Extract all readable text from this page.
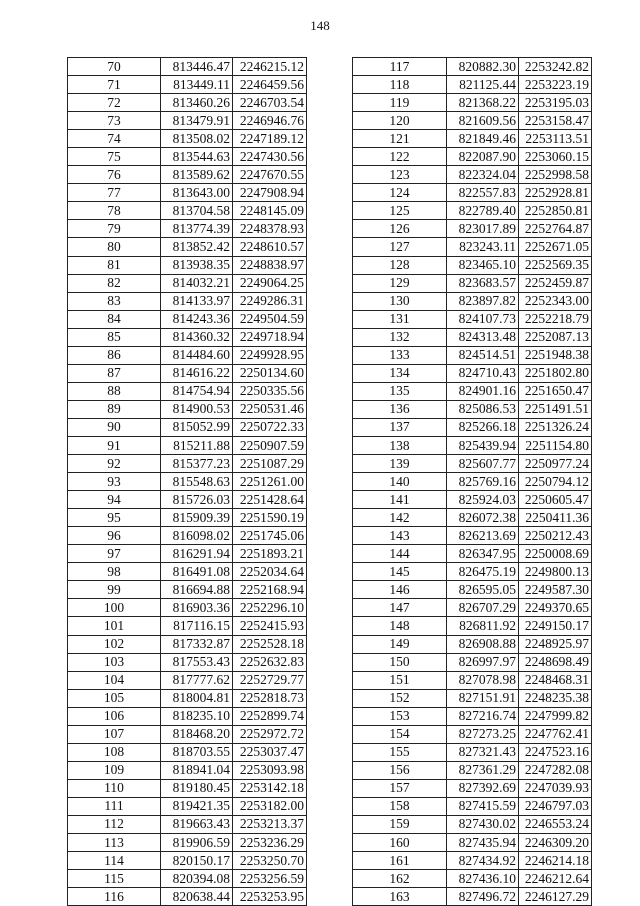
148
70	813446.47	2246215.12
71	813449.11	2246459.56
72	813460.26	2246703.54
73	813479.91	2246946.76
74	813508.02	2247189.12
75	813544.63	2247430.56
76	813589.62	2247670.55
77	813643.00	2247908.94
78	813704.58	2248145.09
79	813774.39	2248378.93
80	813852.42	2248610.57
81	813938.35	2248838.97
82	814032.21	2249064.25
83	814133.97	2249286.31
84	814243.36	2249504.59
85	814360.32	2249718.94
86	814484.60	2249928.95
87	814616.22	2250134.60
88	814754.94	2250335.56
89	814900.53	2250531.46
90	815052.99	2250722.33
91	815211.88	2250907.59
92	815377.23	2251087.29
93	815548.63	2251261.00
94	815726.03	2251428.64
95	815909.39	2251590.19
96	816098.02	2251745.06
97	816291.94	2251893.21
98	816491.08	2252034.64
99	816694.88	2252168.94
100	816903.36	2252296.10
101	817116.15	2252415.93
102	817332.87	2252528.18
103	817553.43	2252632.83
104	817777.62	2252729.77
105	818004.81	2252818.73
106	818235.10	2252899.74
107	818468.20	2252972.72
108	818703.55	2253037.47
109	818941.04	2253093.98
110	819180.45	2253142.18
111	819421.35	2253182.00
112	819663.43	2253213.37
113	819906.59	2253236.29
114	820150.17	2253250.70
115	820394.08	2253256.59
116	820638.44	2253253.95
117	820882.30	2253242.82
118	821125.44	2253223.19
119	821368.22	2253195.03
120	821609.56	2253158.47
121	821849.46	2253113.51
122	822087.90	2253060.15
123	822324.04	2252998.58
124	822557.83	2252928.81
125	822789.40	2252850.81
126	823017.89	2252764.87
127	823243.11	2252671.05
128	823465.10	2252569.35
129	823683.57	2252459.87
130	823897.82	2252343.00
131	824107.73	2252218.79
132	824313.48	2252087.13
133	824514.51	2251948.38
134	824710.43	2251802.80
135	824901.16	2251650.47
136	825086.53	2251491.51
137	825266.18	2251326.24
138	825439.94	2251154.80
139	825607.77	2250977.24
140	825769.16	2250794.12
141	825924.03	2250605.47
142	826072.38	2250411.36
143	826213.69	2250212.43
144	826347.95	2250008.69
145	826475.19	2249800.13
146	826595.05	2249587.30
147	826707.29	2249370.65
148	826811.92	2249150.17
149	826908.88	2248925.97
150	826997.97	2248698.49
151	827078.98	2248468.31
152	827151.91	2248235.38
153	827216.74	2247999.82
154	827273.25	2247762.41
155	827321.43	2247523.16
156	827361.29	2247282.08
157	827392.69	2247039.93
158	827415.59	2246797.03
159	827430.02	2246553.24
160	827435.94	2246309.20
161	827434.92	2246214.18
162	827436.10	2246212.64
163	827496.72	2246127.29
